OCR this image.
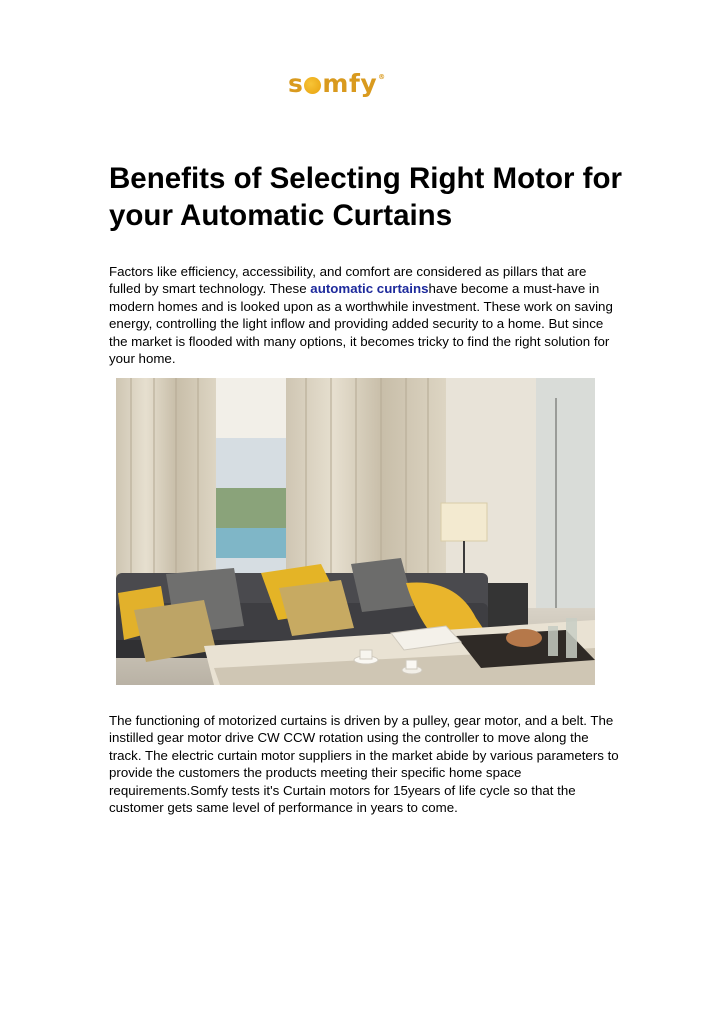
s mfy ®
Benefits of Selecting Right Motor for your Automatic Curtains

Factors like efficiency, accessibility, and comfort are considered as pillars that are fulled by smart technology. These automatic curtainshave become a must-have in modern homes and is looked upon as a worthwhile investment. These work on saving energy, controlling the light inflow and providing added security to a home. But since the market is flooded with many options, it becomes tricky to find the right solution for your home.

The functioning of motorized curtains is driven by a pulley, gear motor, and a belt. The instilled gear motor drive CW CCW rotation using the controller to move along the track. The electric curtain motor suppliers in the market abide by various parameters to provide the customers the products meeting their specific home space requirements.Somfy tests it's Curtain motors for 15years of life cycle so that the customer gets same level of performance in years to come.
